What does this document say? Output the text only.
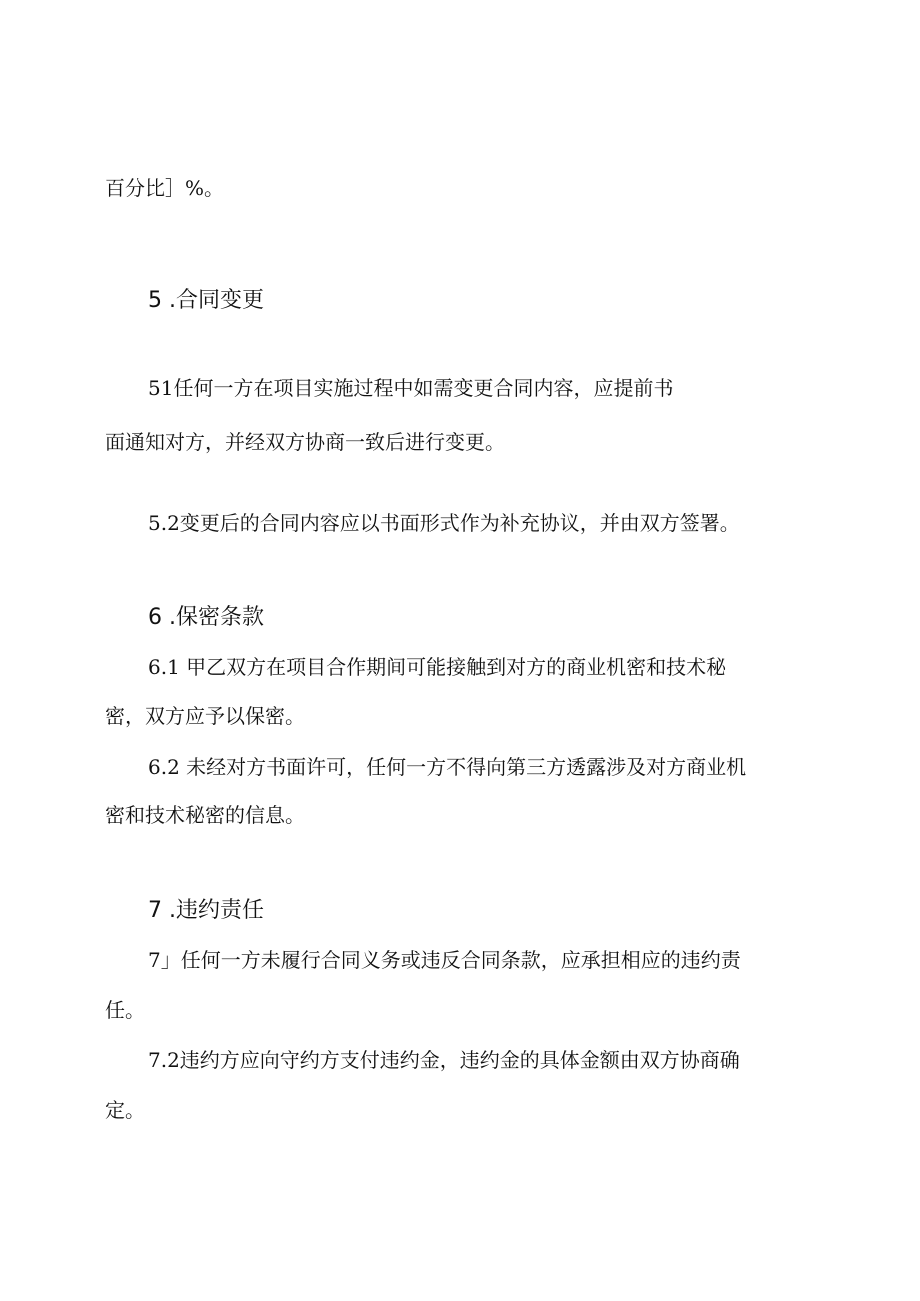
百分比］%。

5 .合同变更

51任何一方在项目实施过程中如需变更合同内容，应提前书

面通知对方，并经双方协商一致后进行变更。

5.2变更后的合同内容应以书面形式作为补充协议，并由双方签署。

6 .保密条款

6.1 甲乙双方在项目合作期间可能接触到对方的商业机密和技术秘

密，双方应予以保密。

6.2 未经对方书面许可，任何一方不得向第三方透露涉及对方商业机

密和技术秘密的信息。

7 .违约责任

7」任何一方未履行合同义务或违反合同条款，应承担相应的违约责

任。

7.2违约方应向守约方支付违约金，违约金的具体金额由双方协商确

定。
